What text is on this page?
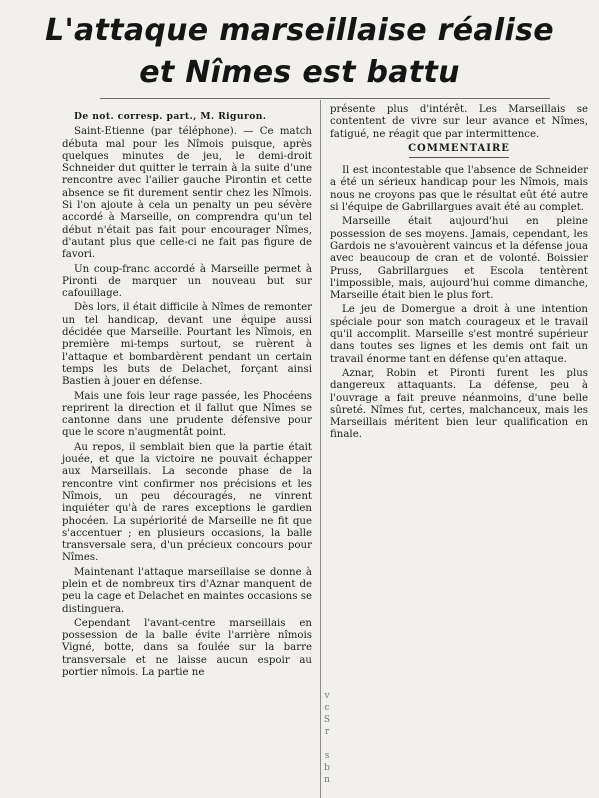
L'attaque marseillaise réalise
et Nîmes est battu
De not. corresp. part., M. Riguron.

Saint-Etienne (par téléphone). — Ce match débuta mal pour les Nîmois puisque, après quelques minutes de jeu, le demi-droit Schneider dut quitter le terrain à la suite d'une rencontre avec l'ailier gauche Pirontin et cette absence se fit durement sentir chez les Nîmois. Si l'on ajoute à cela un penalty un peu sévère accordé à Marseille, on comprendra qu'un tel début n'était pas fait pour encourager Nîmes, d'autant plus que celle-ci ne fait pas figure de favori.

Un coup-franc accordé à Marseille permet à Pironti de marquer un nouveau but sur cafouillage.

Dès lors, il était difficile à Nîmes de remonter un tel handicap, devant une équipe aussi décidée que Marseille. Pourtant les Nîmois, en première mi-temps surtout, se ruèrent à l'attaque et bombardèrent pendant un certain temps les buts de Delachet, forçant ainsi Bastien à jouer en défense.

Mais une fois leur rage passée, les Phocéens reprirent la direction et il fallut que Nîmes se cantonne dans une prudente défensive pour que le score n'augmentât point.

Au repos, il semblait bien que la partie était jouée, et que la victoire ne pouvait échapper aux Marseillais. La seconde phase de la rencontre vint confirmer nos précisions et les Nîmois, un peu découragés, ne vinrent inquiéter qu'à de rares exceptions le gardien phocéen. La supériorité de Marseille ne fit que s'accentuer ; en plusieurs occasions, la balle transversale sera, d'un précieux concours pour Nîmes.

Maintenant l'attaque marseillaise se donne à plein et de nombreux tirs d'Aznar manquent de peu la cage et Delachet en maintes occasions se distinguera.

Cependant l'avant-centre marseillais en possession de la balle évite l'arrière nîmois Vigné, botte, dans sa foulée sur la barre transversale et ne laisse aucun espoir au portier nîmois. La partie ne

v
c
S
r

s
b
n

présente plus d'intérêt. Les Marseillais se contentent de vivre sur leur avance et Nîmes, fatigué, ne réagit que par intermittence.

COMMENTAIRE

Il est incontestable que l'absence de Schneider a été un sérieux handicap pour les Nîmois, mais nous ne croyons pas que le résultat eût été autre si l'équipe de Gabrillargues avait été au complet.

Marseille était aujourd'hui en pleine possession de ses moyens. Jamais, cependant, les Gardois ne s'avouèrent vaincus et la défense joua avec beaucoup de cran et de volonté. Boissier Pruss, Gabrillargues et Escola tentèrent l'impossible, mais, aujourd'hui comme dimanche, Marseille était bien le plus fort.

Le jeu de Domergue a droit à une intention spéciale pour son match courageux et le travail qu'il accomplit. Marseille s'est montré supérieur dans toutes ses lignes et les demis ont fait un travail énorme tant en défense qu'en attaque.

Aznar, Robin et Pironti furent les plus dangereux attaquants. La défense, peu à l'ouvrage a fait preuve néanmoins, d'une belle sûreté. Nîmes fut, certes, malchanceux, mais les Marseillais méritent bien leur qualification en finale.
